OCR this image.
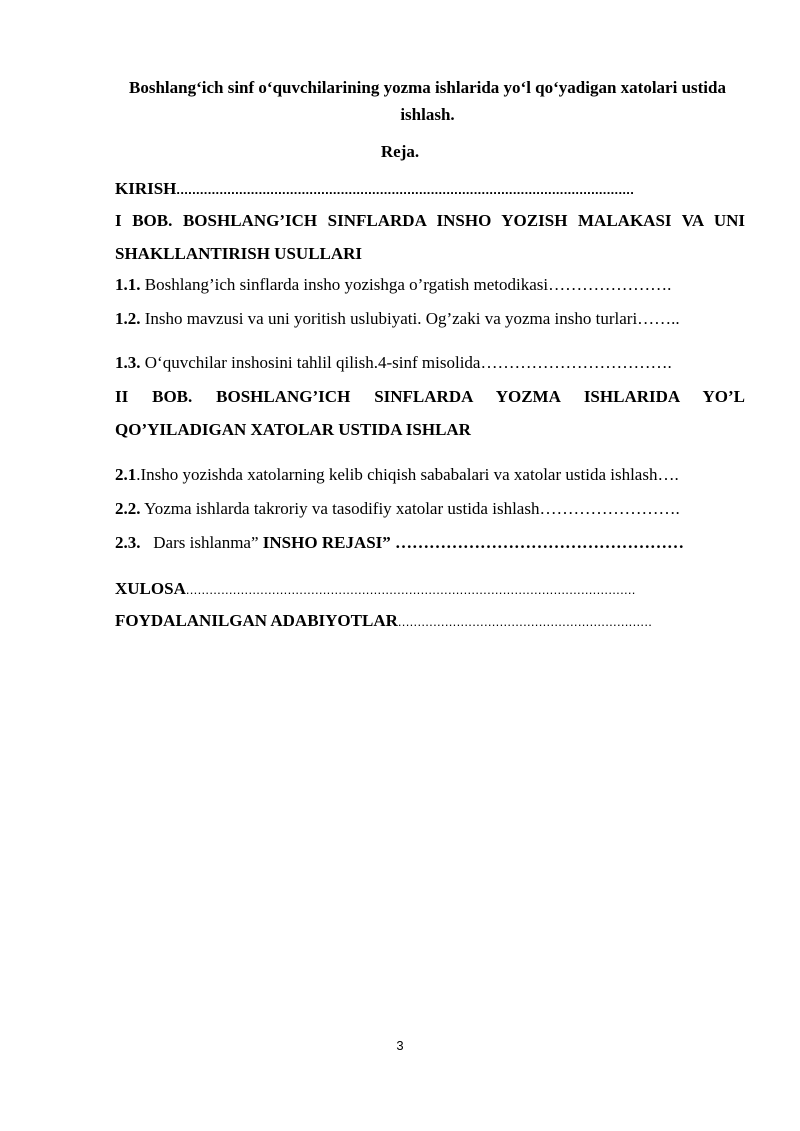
Boshlang‘ich sinf o‘quvchilarining yozma ishlarida yo‘l qo‘yadigan xatolari ustida ishlash.
Reja.
KIRISH.....................................................................................................................
I BOB. BOSHLANG’ICH SINFLARDA INSHO YOZISH MALAKASI VA UNI SHAKLLANTIRISH USULLARI
1.1. Boshlang’ich sinflarda insho yozishga o’rgatish metodikasi………………….
1.2. Insho mavzusi va uni yoritish uslubiyati. Og’zaki va yozma insho turlari……..
1.3. O‘quvchilar inshosini tahlil qilish.4-sinf misolida…………………………….
II BOB. BOSHLANG’ICH SINFLARDA YOZMA ISHLARIDA YO’L QO’YILADIGAN XATOLAR USTIDA ISHLAR
2.1.Insho yozishda xatolarning kelib chiqish sababalari va xatolar ustida ishlash….
2.2. Yozma ishlarda takroriy va tasodifiy xatolar ustida ishlash…………………….
2.3.   Dars ishlanma” INSHO REJASI” ……………………………………………
XULOSA...................................................................................................................
FOYDALANILGAN ADABIYOTLAR.................................................................
3
